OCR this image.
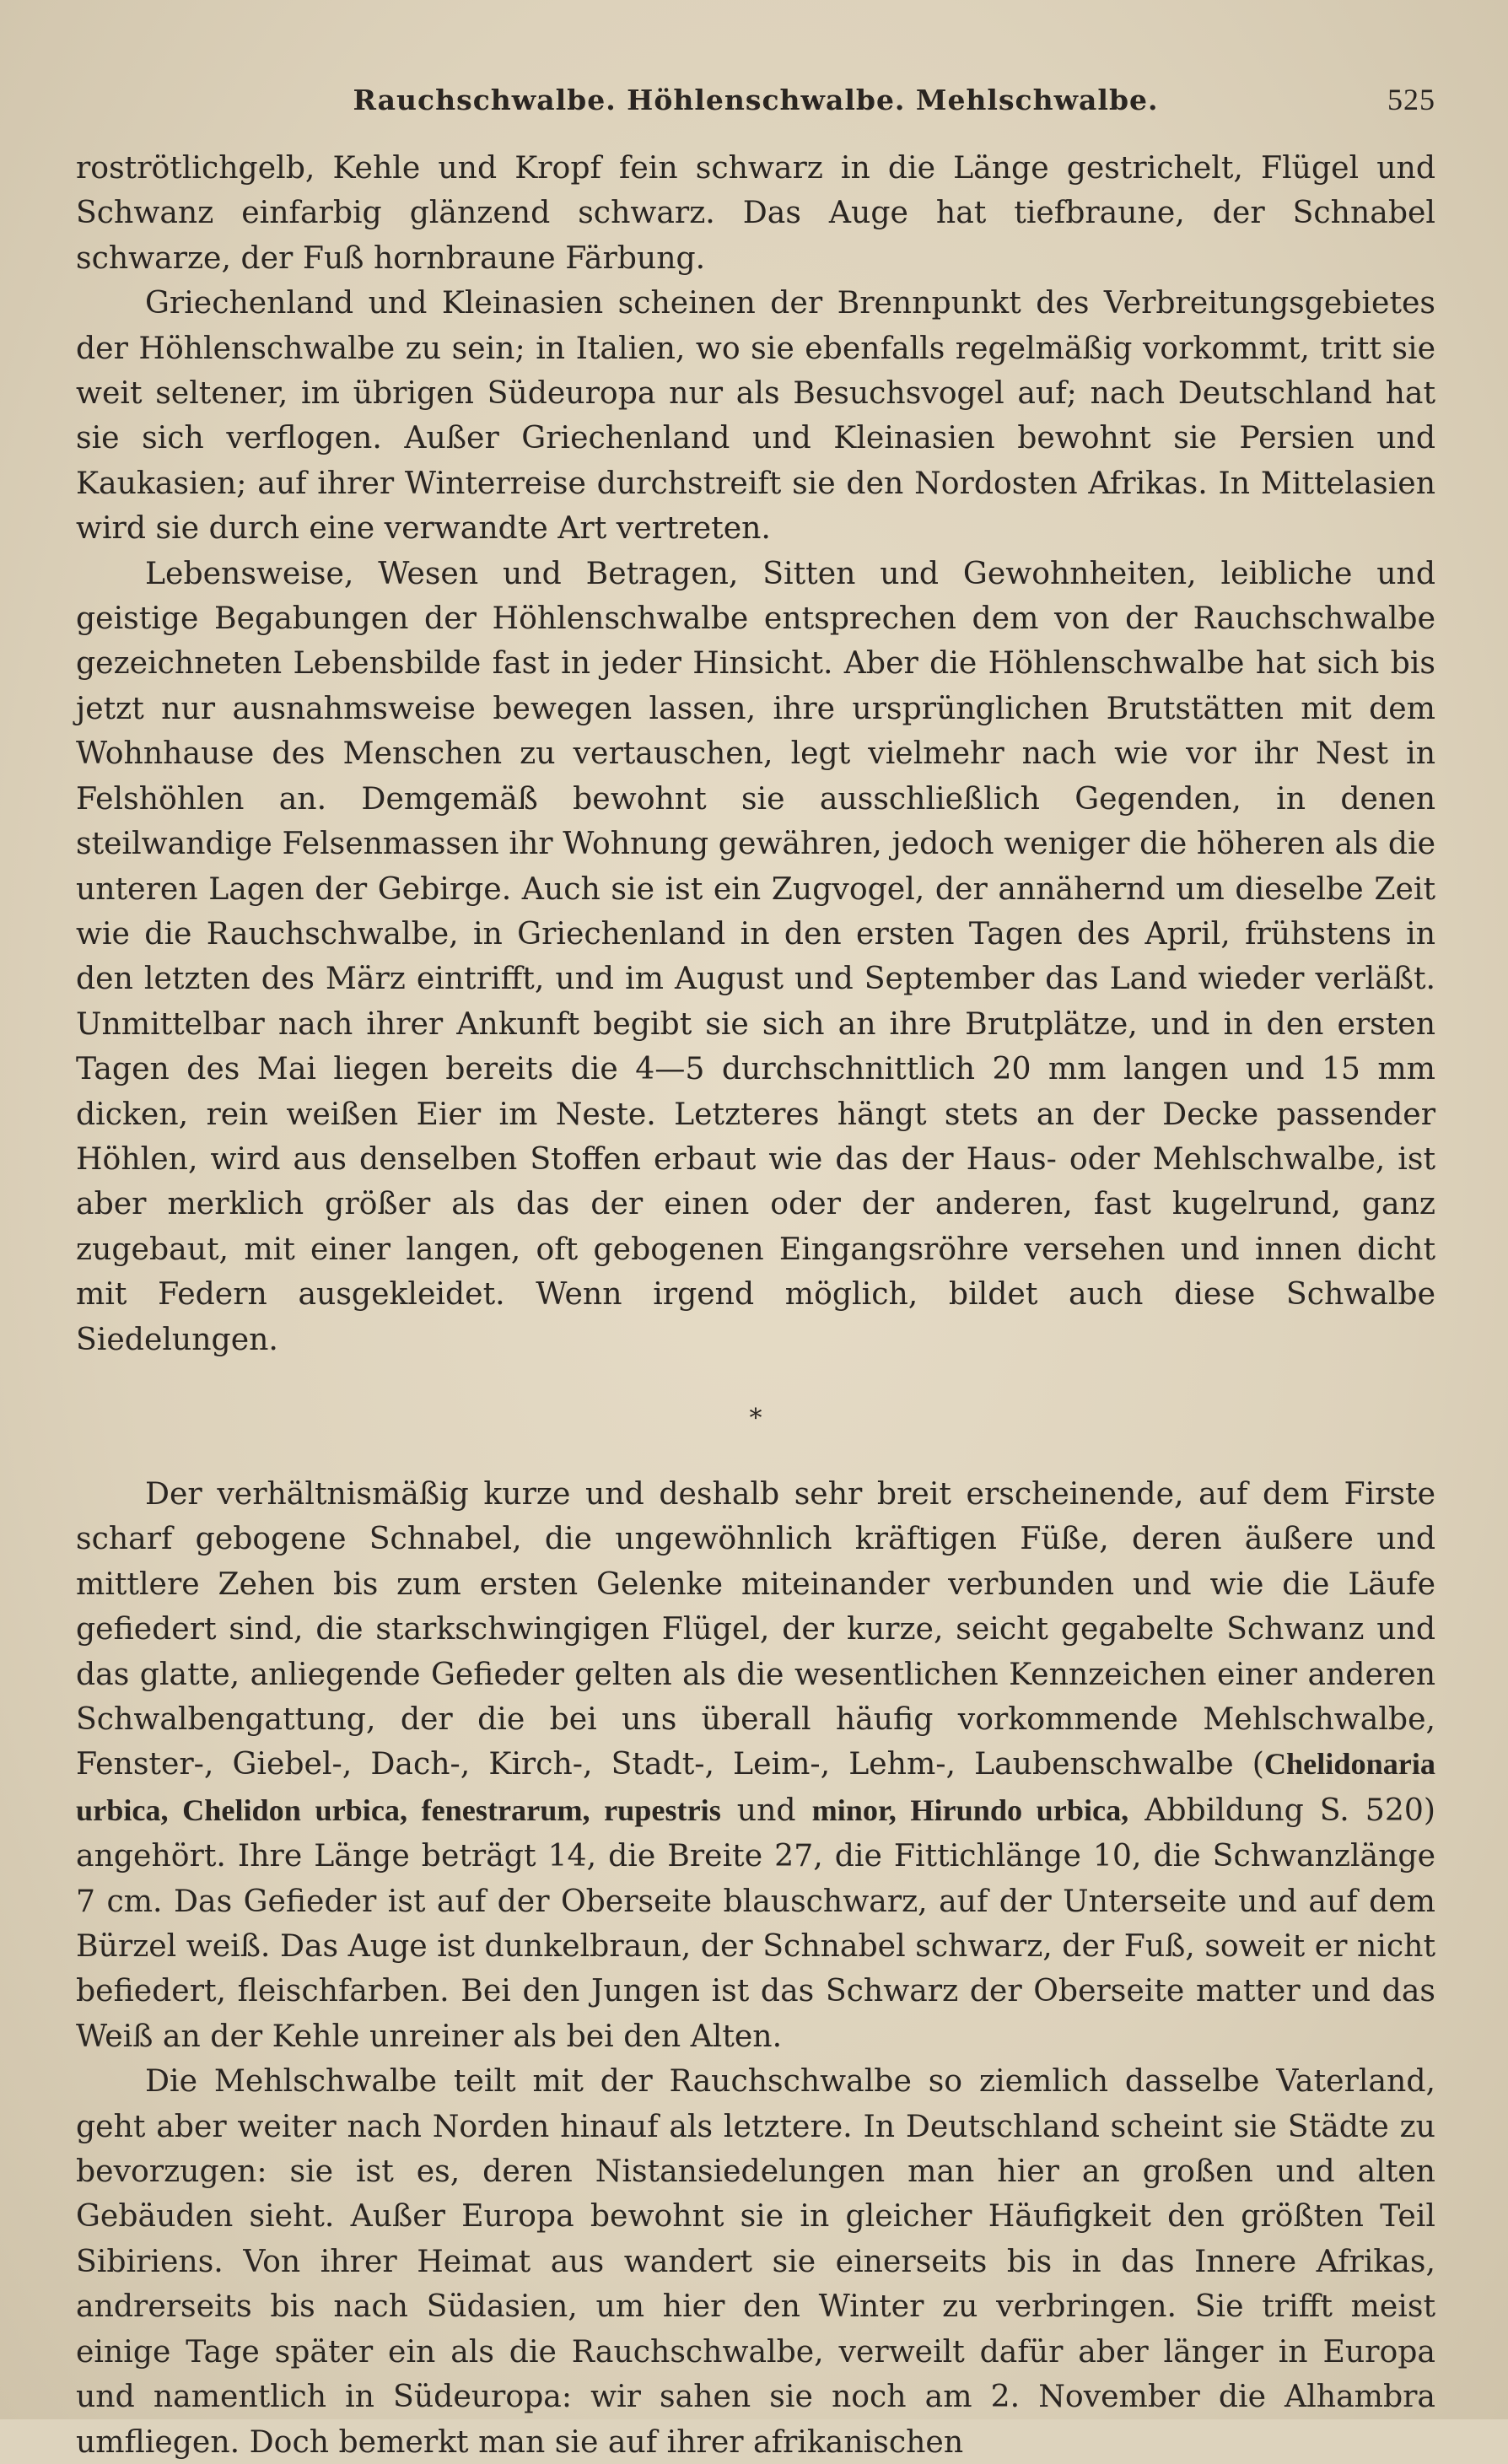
Rauchschwalbe. Höhlenschwalbe. Mehlschwalbe.	525

roströtlichgelb, Kehle und Kropf fein schwarz in die Länge gestrichelt, Flügel und Schwanz einfarbig glänzend schwarz. Das Auge hat tiefbraune, der Schnabel schwarze, der Fuß hornbraune Färbung.

Griechenland und Kleinasien scheinen der Brennpunkt des Verbreitungsgebietes der Höhlenschwalbe zu sein; in Italien, wo sie ebenfalls regelmäßig vorkommt, tritt sie weit seltener, im übrigen Südeuropa nur als Besuchsvogel auf; nach Deutschland hat sie sich verflogen. Außer Griechenland und Kleinasien bewohnt sie Persien und Kaukasien; auf ihrer Winterreise durchstreift sie den Nordosten Afrikas. In Mittelasien wird sie durch eine verwandte Art vertreten.

Lebensweise, Wesen und Betragen, Sitten und Gewohnheiten, leibliche und geistige Begabungen der Höhlenschwalbe entsprechen dem von der Rauchschwalbe gezeichneten Lebensbilde fast in jeder Hinsicht. Aber die Höhlenschwalbe hat sich bis jetzt nur ausnahmsweise bewegen lassen, ihre ursprünglichen Brutstätten mit dem Wohnhause des Menschen zu vertauschen, legt vielmehr nach wie vor ihr Nest in Felshöhlen an. Demgemäß bewohnt sie ausschließlich Gegenden, in denen steilwandige Felsenmassen ihr Wohnung gewähren, jedoch weniger die höheren als die unteren Lagen der Gebirge. Auch sie ist ein Zugvogel, der annähernd um dieselbe Zeit wie die Rauchschwalbe, in Griechenland in den ersten Tagen des April, frühstens in den letzten des März eintrifft, und im August und September das Land wieder verläßt. Unmittelbar nach ihrer Ankunft begibt sie sich an ihre Brutplätze, und in den ersten Tagen des Mai liegen bereits die 4—5 durchschnittlich 20 mm langen und 15 mm dicken, rein weißen Eier im Neste. Letzteres hängt stets an der Decke passender Höhlen, wird aus denselben Stoffen erbaut wie das der Haus- oder Mehlschwalbe, ist aber merklich größer als das der einen oder der anderen, fast kugelrund, ganz zugebaut, mit einer langen, oft gebogenen Eingangsröhre versehen und innen dicht mit Federn ausgekleidet. Wenn irgend möglich, bildet auch diese Schwalbe Siedelungen.

*

Der verhältnismäßig kurze und deshalb sehr breit erscheinende, auf dem Firste scharf gebogene Schnabel, die ungewöhnlich kräftigen Füße, deren äußere und mittlere Zehen bis zum ersten Gelenke miteinander verbunden und wie die Läufe gefiedert sind, die starkschwingigen Flügel, der kurze, seicht gegabelte Schwanz und das glatte, anliegende Gefieder gelten als die wesentlichen Kennzeichen einer anderen Schwalbengattung, der die bei uns überall häufig vorkommende Mehlschwalbe, Fenster-, Giebel-, Dach-, Kirch-, Stadt-, Leim-, Lehm-, Laubenschwalbe (Chelidonaria urbica, Chelidon urbica, fenestrarum, rupestris und minor, Hirundo urbica, Abbildung S. 520) angehört. Ihre Länge beträgt 14, die Breite 27, die Fittichlänge 10, die Schwanzlänge 7 cm. Das Gefieder ist auf der Oberseite blauschwarz, auf der Unterseite und auf dem Bürzel weiß. Das Auge ist dunkelbraun, der Schnabel schwarz, der Fuß, soweit er nicht befiedert, fleischfarben. Bei den Jungen ist das Schwarz der Oberseite matter und das Weiß an der Kehle unreiner als bei den Alten.

Die Mehlschwalbe teilt mit der Rauchschwalbe so ziemlich dasselbe Vaterland, geht aber weiter nach Norden hinauf als letztere. In Deutschland scheint sie Städte zu bevorzugen: sie ist es, deren Nistansiedelungen man hier an großen und alten Gebäuden sieht. Außer Europa bewohnt sie in gleicher Häufigkeit den größten Teil Sibiriens. Von ihrer Heimat aus wandert sie einerseits bis in das Innere Afrikas, andrerseits bis nach Südasien, um hier den Winter zu verbringen. Sie trifft meist einige Tage später ein als die Rauchschwalbe, verweilt dafür aber länger in Europa und namentlich in Südeuropa: wir sahen sie noch am 2. November die Alhambra umfliegen. Doch bemerkt man sie auf ihrer afrikanischen
